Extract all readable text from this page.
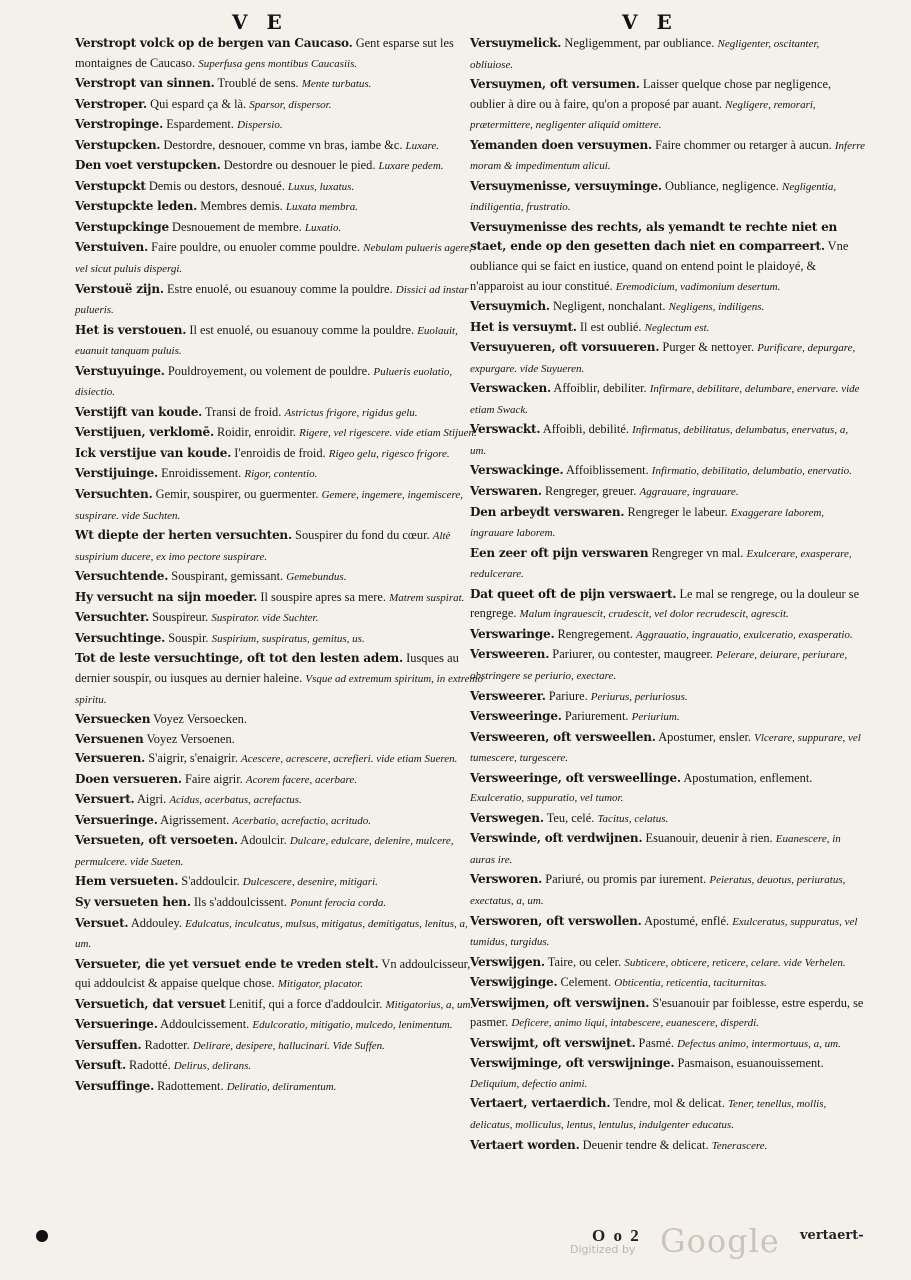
V E	V E

Verstropt volck op de bergen van Caucaso. Gent esparse sut les montaignes de Caucaso. Superfusa gens montibus Caucasiis.

Verstropt van sinnen. Troublé de sens. Mente turbatus.

Verstroper. Qui espard ça & là. Sparsor, dispersor.

Verstropinge. Espardement. Dispersio.

Verstupcken. Destordre, desnouer, comme vn bras, iambe &c. Luxare.

Den voet verstupcken. Destordre ou desnouer le pied. Luxare pedem.

Verstupckt Demis ou destors, desnoué. Luxus, luxatus.

Verstupckte leden. Membres demis. Luxata membra.

Verstupckinge Desnouement de membre. Luxatio.

Verstuiven. Faire pouldre, ou enuoler comme pouldre. Nebulam pulueris agere, vel sicut puluis dispergi.

Verstouë zijn. Estre enuolé, ou esuanouy comme la pouldre. Dissici ad instar pulueris.

Het is verstouen. Il est enuolé, ou esuanouy comme la pouldre. Euolauit, euanuit tanquam puluis.

Verstuyuinge. Pouldroyement, ou volement de pouldre. Pulueris euolatio, disiectio.

Verstijft van koude. Transi de froid. Astrictus frigore, rigidus gelu.

Verstijuen, verklomē. Roidir, enroidir. Rigere, vel rigescere. vide etiam Stijuen.

Ick verstijue van koude. I'enroidis de froid. Rigeo gelu, rigesco frigore.

Verstijuinge. Enroidissement. Rigor, contentio.

Versuchten. Gemir, souspirer, ou guermenter. Gemere, ingemere, ingemiscere, suspirare. vide Suchten.

Wt diepte der herten versuchten. Souspirer du fond du cœur. Altè suspirium ducere, ex imo pectore suspirare.

Versuchtende. Souspirant, gemissant. Gemebundus.

Hy versucht na sijn moeder. Il souspire apres sa mere. Matrem suspirat.

Versuchter. Souspireur. Suspirator. vide Suchter.

Versuchtinge. Souspir. Suspirium, suspiratus, gemitus, us.

Tot de leste versuchtinge, oft tot den lesten adem. Iusques au dernier souspir, ou iusques au dernier haleine. Vsque ad extremum spiritum, in extremo spiritu.

Versuecken Voyez Versoecken.

Versuenen Voyez Versoenen.

Versueren. S'aigrir, s'enaigrir. Acescere, acrescere, acrefieri. vide etiam Sueren.

Doen versueren. Faire aigrir. Acorem facere, acerbare.

Versuert. Aigri. Acidus, acerbatus, acrefactus.

Versueringe. Aigrissement. Acerbatio, acrefactio, acritudo.

Versueten, oft versoeten. Adoulcir. Dulcare, edulcare, delenire, mulcere, permulcere. vide Sueten.

Hem versueten. S'addoulcir. Dulcescere, desenire, mitigari.

Sy versueten hen. Ils s'addoulcissent. Ponunt ferocia corda.

Versuet. Addouley. Edulcatus, inculcatus, mulsus, mitigatus, demitigatus, lenitus, a, um.

Versueter, die yet versuet ende te vreden stelt. Vn addoulcisseur, qui addoulcist & appaise quelque chose. Mitigator, placator.

Versuetich, dat versuet Lenitif, qui a force d'addoulcir. Mitigatorius, a, um.

Versueringe. Addoulcissement. Edulcoratio, mitigatio, mulcedo, lenimentum.

Versuffen. Radotter. Delirare, desipere, hallucinari. Vide Suffen.

Versuft. Radotté. Delirus, delirans.

Versuffinge. Radottement. Deliratio, deliramentum.

Versuymelick. Negligemment, par oubliance. Negligenter, oscitanter, obliuiose.

Versuymen, oft versumen. Laisser quelque chose par negligence, oublier à dire ou à faire, qu'on a proposé par auant. Negligere, remorari, prætermittere, negligenter aliquid omittere.

Yemanden doen versuymen. Faire chommer ou retarger à aucun. Inferre moram & impedimentum alicui.

Versuymenisse, versuyminge. Oubliance, negligence. Negligentia, indiligentia, frustratio.

Versuymenisse des rechts, als yemandt te rechte niet en staet, ende op den gesetten dach niet en comparreert. Vne oubliance qui se faict en iustice, quand on entend point le plaidoyé, & n'apparoist au iour constitué. Eremodicium, vadimonium desertum.

Versuymich. Negligent, nonchalant. Negligens, indiligens.

Het is versuymt. Il est oublié. Neglectum est.

Versuyueren, oft vorsuueren. Purger & nettoyer. Purificare, depurgare, expurgare. vide Suyueren.

Verswacken. Affoiblir, debiliter. Infirmare, debilitare, delumbare, enervare. vide etiam Swack.

Verswackt. Affoibli, debilité. Infirmatus, debilitatus, delumbatus, enervatus, a, um.

Verswackinge. Affoiblissement. Infirmatio, debilitatio, delumbatio, enervatio.

Verswaren. Rengreger, greuer. Aggrauare, ingrauare.

Den arbeydt verswaren. Rengreger le labeur. Exaggerare laborem, ingrauare laborem.

Een zeer oft pijn verswaren Rengreger vn mal. Exulcerare, exasperare, redulcerare.

Dat queet oft de pijn verswaert. Le mal se rengrege, ou la douleur se rengrege. Malum ingrauescit, crudescit, vel dolor recrudescit, agrescit.

Verswaringe. Rengregement. Aggrauatio, ingrauatio, exulceratio, exasperatio.

Versweeren. Pariurer, ou contester, maugreer. Pelerare, deiurare, periurare, obstringere se periurio, exectare.

Versweerer. Pariure. Periurus, periuriosus.

Versweeringe. Pariurement. Periurium.

Versweeren, oft versweellen. Apostumer, ensler. Vlcerare, suppurare, vel tumescere, turgescere.

Versweeringe, oft versweellinge. Apostumation, enflement. Exulceratio, suppuratio, vel tumor.

Verswegen. Teu, celé. Tacitus, celatus.

Verswinde, oft verdwijnen. Esuanouir, deuenir à rien. Euanescere, in auras ire.

Versworen. Pariuré, ou promis par iurement. Peieratus, deuotus, periuratus, exectatus, a, um.

Versworen, oft verswollen. Apostumé, enflé. Exulceratus, suppuratus, vel tumidus, turgidus.

Verswijgen. Taire, ou celer. Subticere, obticere, reticere, celare. vide Verhelen.

Verswijginge. Celement. Obticentia, reticentia, taciturnitas.

Verswijmen, oft verswijnen. S'esuanouir par foiblesse, estre esperdu, se pasmer. Deficere, animo liqui, intabescere, euanescere, disperdi.

Verswijmt, oft verswijnet. Pasmé. Defectus animo, intermortuus, a, um.

Verswijminge, oft verswijninge. Pasmaison, esuanouissement. Deliquium, defectio animi.

Vertaert, vertaerdich. Tendre, mol & delicat. Tener, tenellus, mollis, delicatus, molliculus, lentus, lentulus, indulgenter educatus.

Vertaert worden. Deuenir tendre & delicat. Tenerascere.

O o 2
Digitized by Google vertaert-
